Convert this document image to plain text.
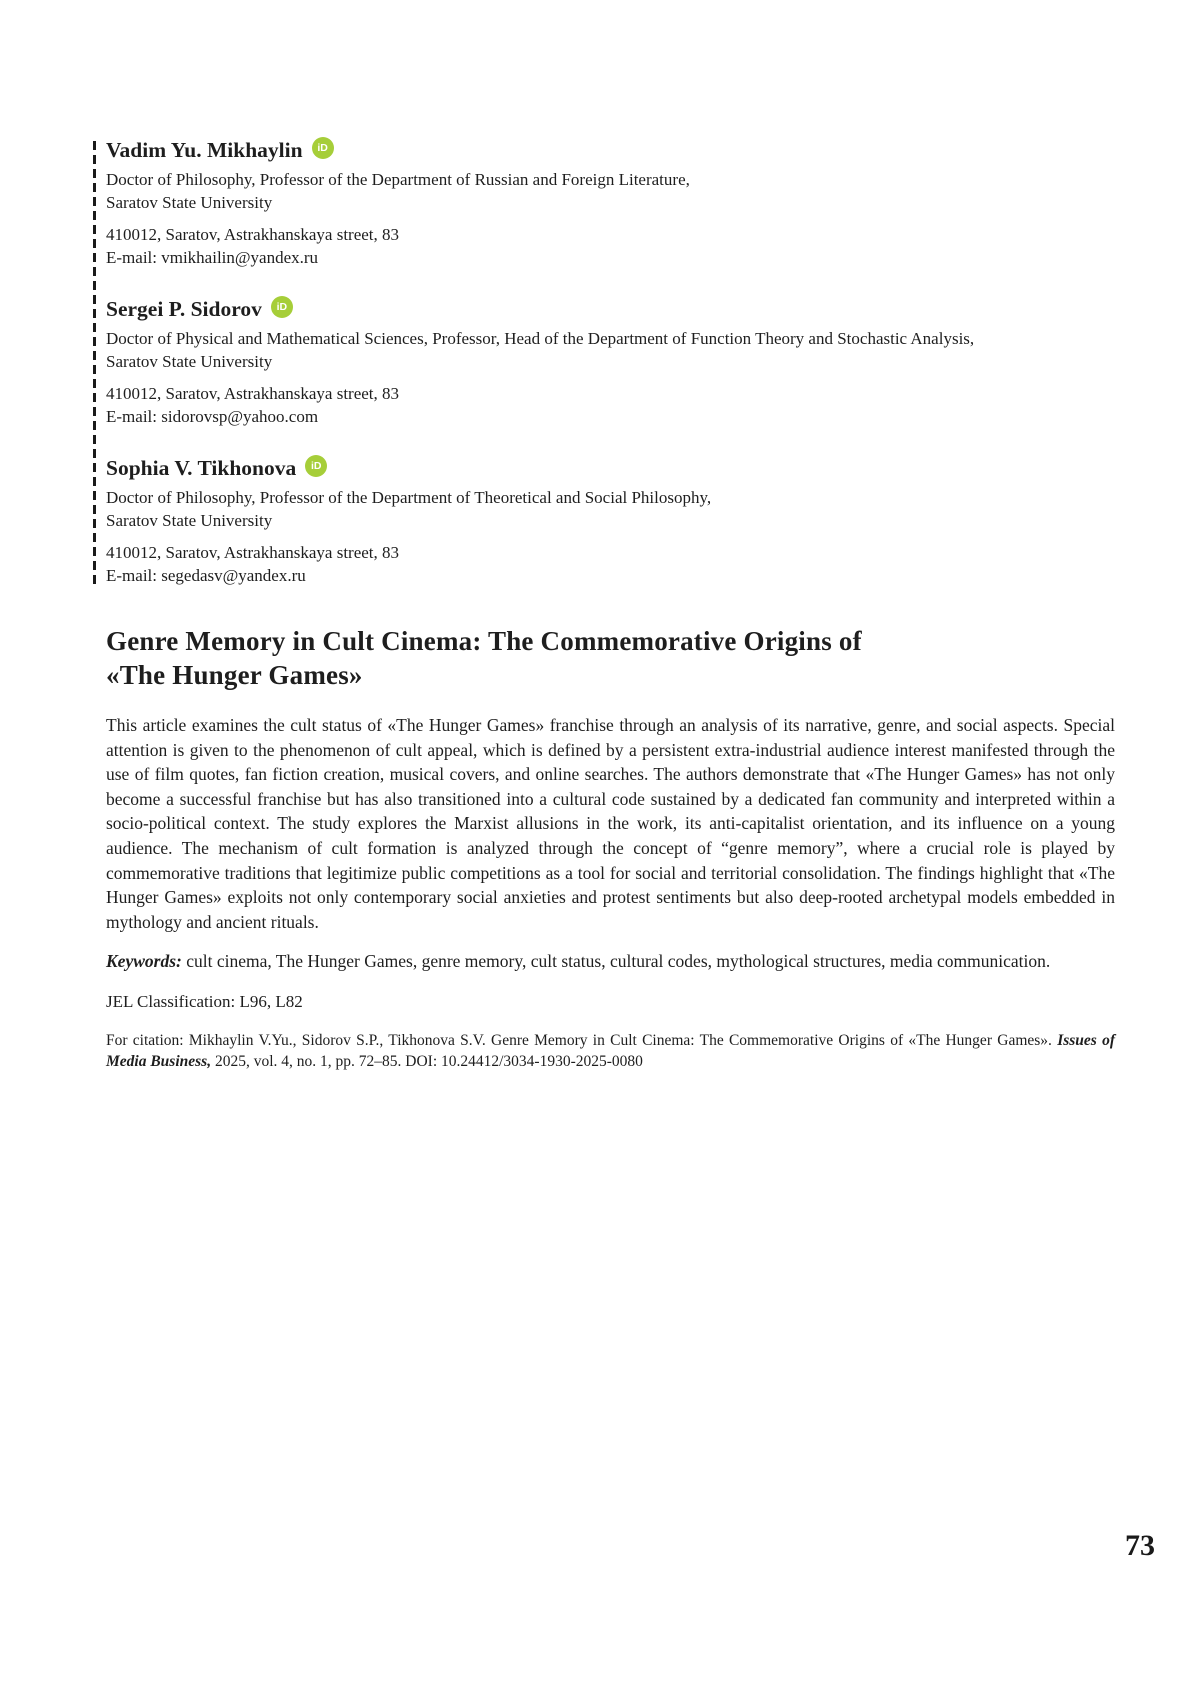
Vadim Yu. Mikhaylin	iD
Doctor of Philosophy, Professor of the Department of Russian and Foreign Literature,
Saratov State University
410012, Saratov, Astrakhanskaya street, 83
E-mail: vmikhailin@yandex.ru
Sergei P. Sidorov	iD
Doctor of Physical and Mathematical Sciences, Professor, Head of the Department of Function Theory and Stochastic Analysis,
Saratov State University
410012, Saratov, Astrakhanskaya street, 83
E-mail: sidorovsp@yahoo.com
Sophia V. Tikhonova	iD
Doctor of Philosophy, Professor of the Department of Theoretical and Social Philosophy,
Saratov State University
410012, Saratov, Astrakhanskaya street, 83
E-mail: segedasv@yandex.ru
Genre Memory in Cult Cinema: The Commemorative Origins of
«The Hunger Games»

This article examines the cult status of «The Hunger Games» franchise through an analysis of its narrative, genre, and social aspects. Special attention is given to the phenomenon of cult appeal, which is defined by a persistent extra-industrial audience interest manifested through the use of film quotes, fan fiction creation, musical covers, and online searches. The authors demonstrate that «The Hunger Games» has not only become a successful franchise but has also transitioned into a cultural code sustained by a dedicated fan community and interpreted within a socio-political context. The study explores the Marxist allusions in the work, its anti-capitalist orientation, and its influence on a young audience. The mechanism of cult formation is analyzed through the concept of “genre memory”, where a crucial role is played by commemorative traditions that legitimize public competitions as a tool for social and territorial consolidation. The findings highlight that «The Hunger Games» exploits not only contemporary social anxieties and protest sentiments but also deep-rooted archetypal models embedded in mythology and ancient rituals.

Keywords: cult cinema, The Hunger Games, genre memory, cult status, cultural codes, mythological structures, media communication.

JEL Classification: L96, L82

For citation: Mikhaylin V.Yu., Sidorov S.P., Tikhonova S.V. Genre Memory in Cult Cinema: The Commemorative Origins of «The Hunger Games». Issues of Media Business, 2025, vol. 4, no. 1, pp. 72–85. DOI: 10.24412/3034-1930-2025-0080

73
